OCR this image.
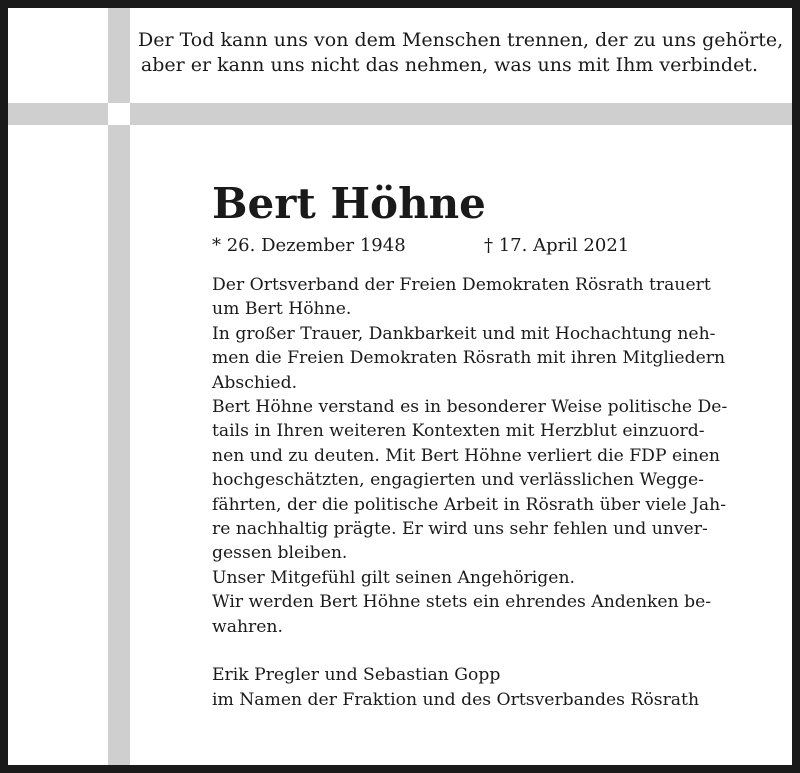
Der Tod kann uns von dem Menschen trennen, der zu uns gehörte,
aber er kann uns nicht das nehmen, was uns mit Ihm verbindet.
Bert Höhne
* 26. Dezember 1948	† 17. April 2021
Der Ortsverband der Freien Demokraten Rösrath trauert
um Bert Höhne.
In großer Trauer, Dankbarkeit und mit Hochachtung neh-
men die Freien Demokraten Rösrath mit ihren Mitgliedern
Abschied.
Bert Höhne verstand es in besonderer Weise politische De-
tails in Ihren weiteren Kontexten mit Herzblut einzuord-
nen und zu deuten. Mit Bert Höhne verliert die FDP einen
hochgeschätzten, engagierten und verlässlichen Wegge-
fährten, der die politische Arbeit in Rösrath über viele Jah-
re nachhaltig prägte. Er wird uns sehr fehlen und unver-
gessen bleiben.
Unser Mitgefühl gilt seinen Angehörigen.
Wir werden Bert Höhne stets ein ehrendes Andenken be-
wahren.
Erik Pregler und Sebastian Gopp
im Namen der Fraktion und des Ortsverbandes Rösrath
